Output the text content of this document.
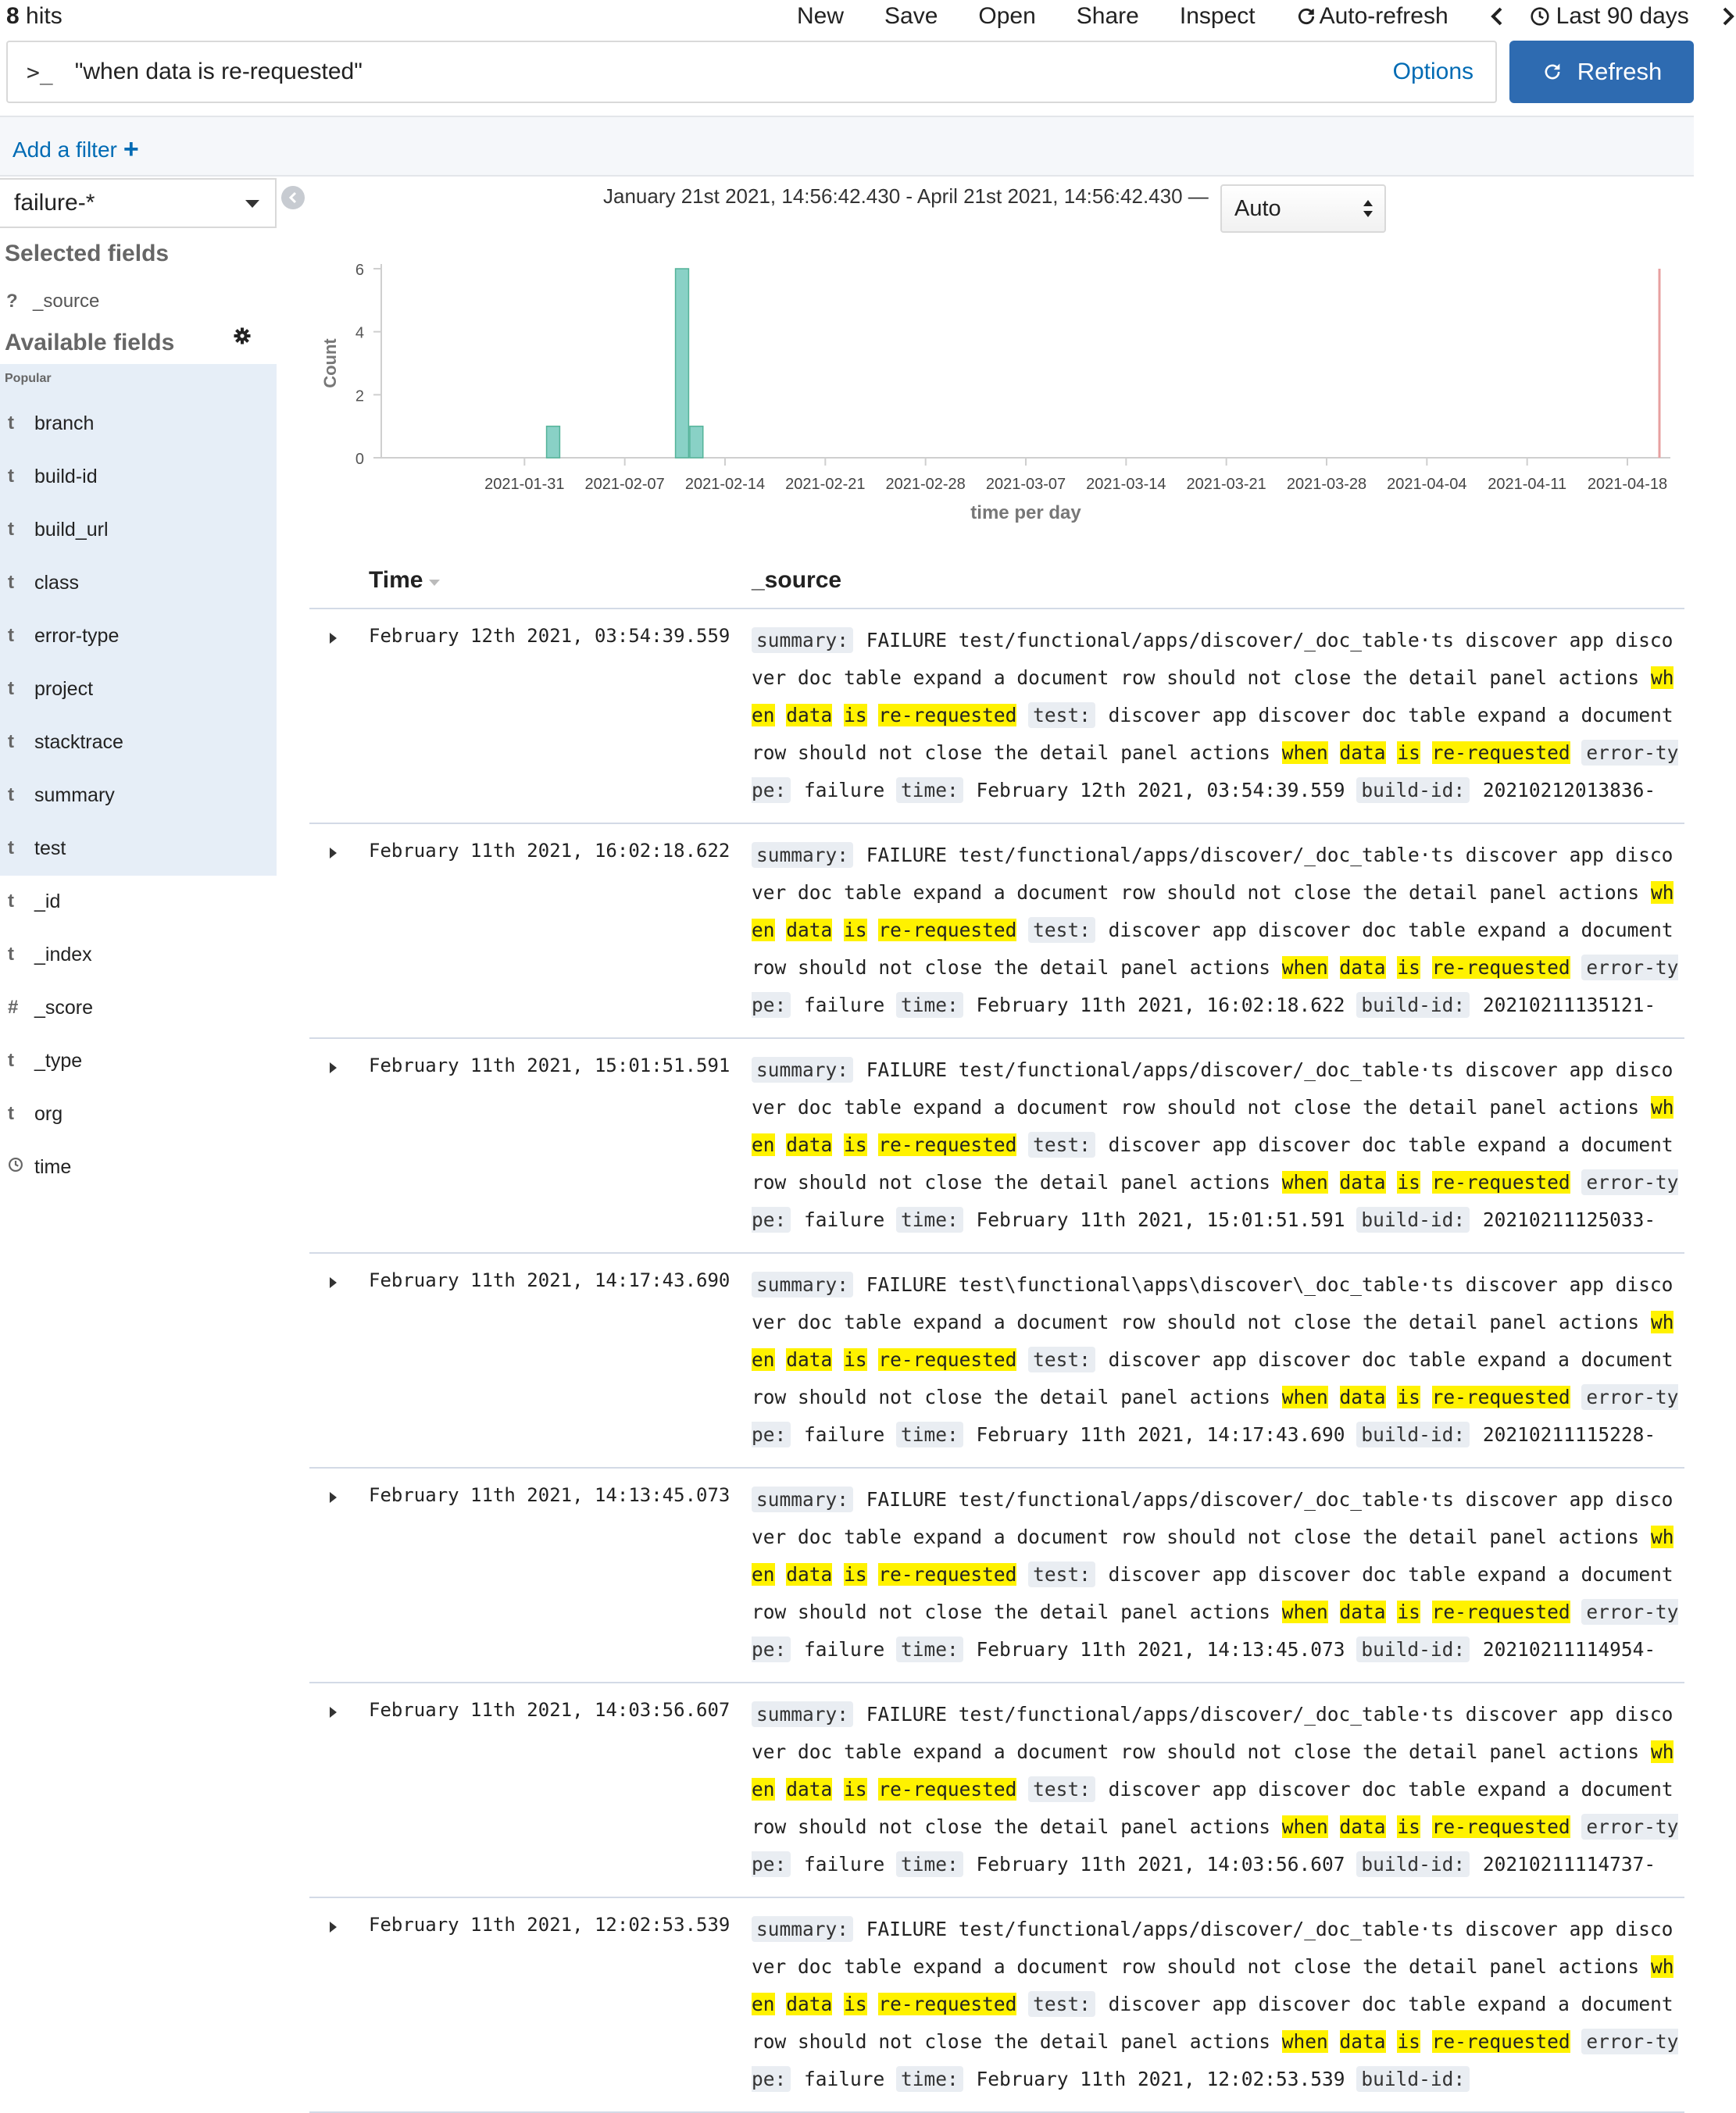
8 hits	New Save Open Share Inspect	Auto-refresh	Last 90 days
>_ "when data is re-requested"	Options	Refresh
Add a filter +
failure-*
Selected fields
? _source
Available fields
Popular
t	branch
t	build-id
t	build_url
t	class
t	error-type
t	project
t	stacktrace
t	summary
t	test
t	_id
t	_index
# _score
t	_type
t	org
time
January 21st 2021, 14:56:42.430 - April 21st 2021, 14:56:42.430 — Auto
0
2
4
6
2021-01-31 2021-02-07 2021-02-14 2021-02-21 2021-02-28 2021-03-07 2021-03-14 2021-03-21 2021-03-28 2021-04-04 2021-04-11 2021-04-18
Count
time per day
Time	_source
February 12th 2021, 03:54:39.559 summary: FAILURE test/functional/apps/discover/_doc_table·ts discover app discover doc table expand a document row should not close the detail panel actions when data is re-requested test: discover app discover doc table expand a document row should not close the detail panel actions when data is re-requested error-type: failure time: February 12th 2021, 03:54:39.559 build-id: 20210212013836-
February 11th 2021, 16:02:18.622 summary: FAILURE test/functional/apps/discover/_doc_table·ts discover app discover doc table expand a document row should not close the detail panel actions when data is re-requested test: discover app discover doc table expand a document row should not close the detail panel actions when data is re-requested error-type: failure time: February 11th 2021, 16:02:18.622 build-id: 20210211135121-
February 11th 2021, 15:01:51.591 summary: FAILURE test/functional/apps/discover/_doc_table·ts discover app discover doc table expand a document row should not close the detail panel actions when data is re-requested test: discover app discover doc table expand a document row should not close the detail panel actions when data is re-requested error-type: failure time: February 11th 2021, 15:01:51.591 build-id: 20210211125033-
February 11th 2021, 14:17:43.690 summary: FAILURE test\functional\apps\discover\_doc_table·ts discover app discover doc table expand a document row should not close the detail panel actions when data is re-requested test: discover app discover doc table expand a document row should not close the detail panel actions when data is re-requested error-type: failure time: February 11th 2021, 14:17:43.690 build-id: 20210211115228-
February 11th 2021, 14:13:45.073 summary: FAILURE test/functional/apps/discover/_doc_table·ts discover app discover doc table expand a document row should not close the detail panel actions when data is re-requested test: discover app discover doc table expand a document row should not close the detail panel actions when data is re-requested error-type: failure time: February 11th 2021, 14:13:45.073 build-id: 20210211114954-
February 11th 2021, 14:03:56.607 summary: FAILURE test/functional/apps/discover/_doc_table·ts discover app discover doc table expand a document row should not close the detail panel actions when data is re-requested test: discover app discover doc table expand a document row should not close the detail panel actions when data is re-requested error-type: failure time: February 11th 2021, 14:03:56.607 build-id: 20210211114737-
February 11th 2021, 12:02:53.539 summary: FAILURE test/functional/apps/discover/_doc_table·ts discover app discover doc table expand a document row should not close the detail panel actions when data is re-requested test: discover app discover doc table expand a document row should not close the detail panel actions when data is re-requested error-type: failure time: February 11th 2021, 12:02:53.539 build-id:
